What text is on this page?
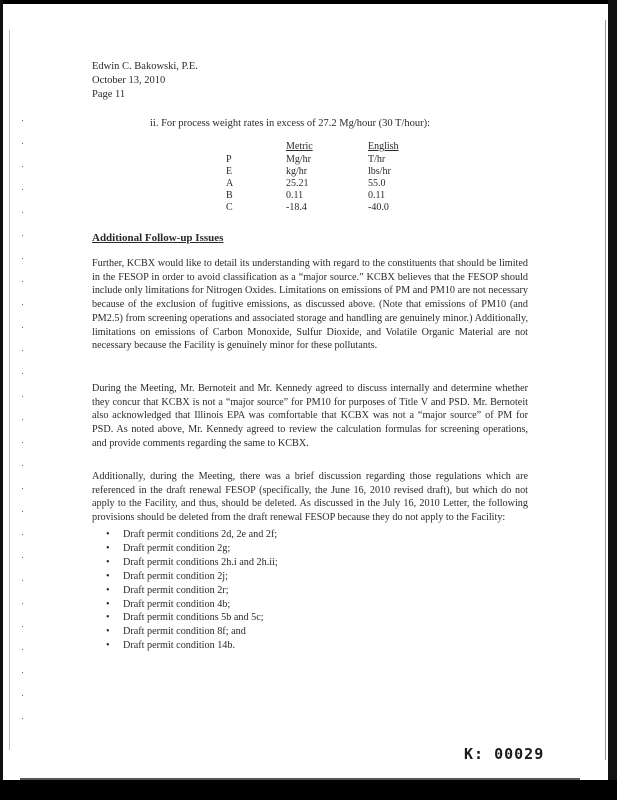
Edwin C. Bakowski, P.E.
October 13, 2010
Page 11
ii. For process weight rates in excess of 27.2 Mg/hour (30 T/hour):
	Metric	English
P	Mg/hr	T/hr
E	kg/hr	lbs/hr
A	25.21	55.0
B	0.11	0.11
C	-18.4	-40.0
Additional Follow-up Issues

Further, KCBX would like to detail its understanding with regard to the constituents that should be limited in the FESOP in order to avoid classification as a “major source.” KCBX believes that the FESOP should include only limitations for Nitrogen Oxides. Limitations on emissions of PM and PM10 are not necessary because of the exclusion of fugitive emissions, as discussed above. (Note that emissions of PM10 (and PM2.5) from screening operations and associated storage and handling are genuinely minor.) Additionally, limitations on emissions of Carbon Monoxide, Sulfur Dioxide, and Volatile Organic Material are not necessary because the Facility is genuinely minor for these pollutants.

During the Meeting, Mr. Bernoteit and Mr. Kennedy agreed to discuss internally and determine whether they concur that KCBX is not a “major source” for PM10 for purposes of Title V and PSD. Mr. Bernoteit also acknowledged that Illinois EPA was comfortable that KCBX was not a “major source” of PM for PSD. As noted above, Mr. Kennedy agreed to review the calculation formulas for screening operations, and provide comments regarding the same to KCBX.

Additionally, during the Meeting, there was a brief discussion regarding those regulations which are referenced in the draft renewal FESOP (specifically, the June 16, 2010 revised draft), but which do not apply to the Facility, and thus, should be deleted. As discussed in the July 16, 2010 Letter, the following provisions should be deleted from the draft renewal FESOP because they do not apply to the Facility:

• Draft permit conditions 2d, 2e and 2f;
• Draft permit condition 2g;
• Draft permit conditions 2h.i and 2h.ii;
• Draft permit condition 2j;
• Draft permit condition 2r;
• Draft permit condition 4b;
• Draft permit conditions 5b and 5c;
• Draft permit condition 8f; and
• Draft permit condition 14b.
K: 00029
